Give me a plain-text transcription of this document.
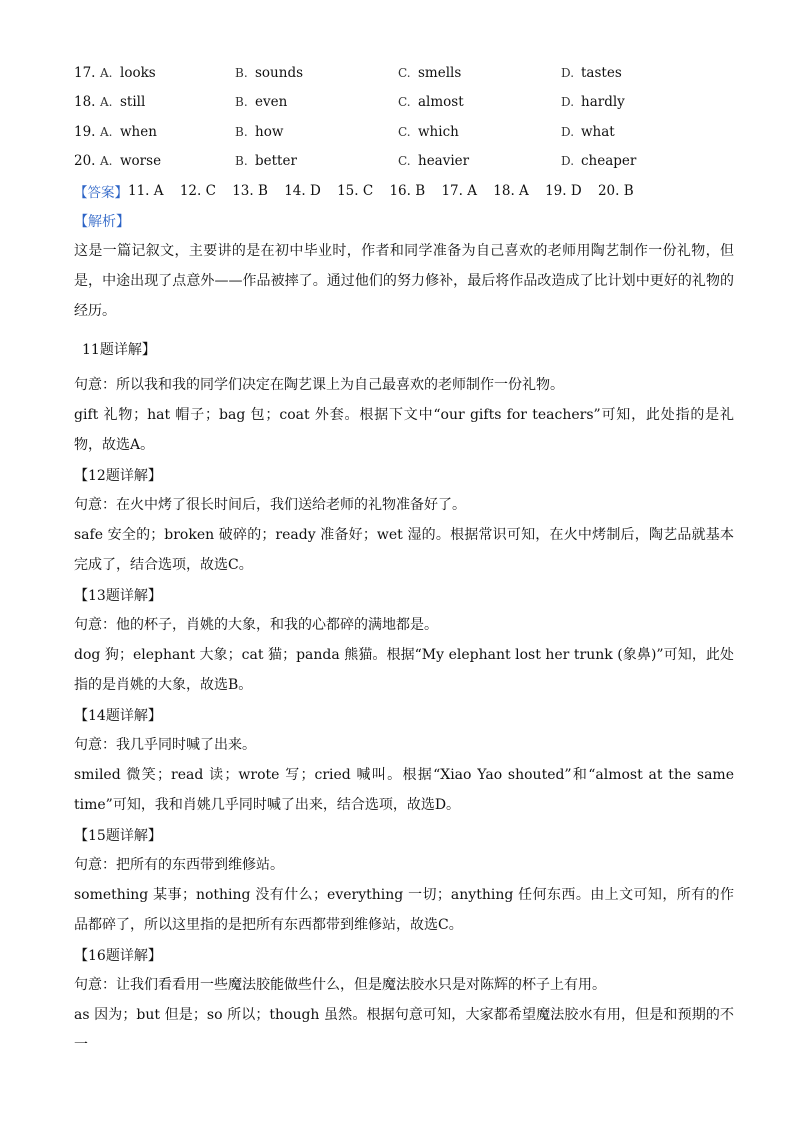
17. A. looks	B. sounds	C. smells	D. tastes
18. A. still	B. even	C. almost	D. hardly
19. A. when	B. how	C. which	D. what
20. A. worse	B. better	C. heavier	D. cheaper
【答案】 11. A 12. C 13. B 14. D 15. C 16. B 17. A 18. A 19. D 20. B
【解析】
这是一篇记叙文，主要讲的是在初中毕业时，作者和同学准备为自己喜欢的老师用陶艺制作一份礼物，但是，中途出现了点意外——作品被摔了。通过他们的努力修补，最后将作品改造成了比计划中更好的礼物的经历。
11题详解】
句意：所以我和我的同学们决定在陶艺课上为自己最喜欢的老师制作一份礼物。
gift 礼物；hat 帽子；bag 包；coat 外套。根据下文中“our gifts for teachers”可知，此处指的是礼物，故选A。
【12题详解】
句意：在火中烤了很长时间后，我们送给老师的礼物准备好了。
safe 安全的；broken 破碎的；ready 准备好；wet 湿的。根据常识可知，在火中烤制后，陶艺品就基本完成了，结合选项，故选C。
【13题详解】
句意：他的杯子，肖姚的大象，和我的心都碎的满地都是。
dog 狗；elephant 大象；cat 猫；panda 熊猫。根据“My elephant lost her trunk (象鼻)”可知，此处指的是肖姚的大象，故选B。
【14题详解】
句意：我几乎同时喊了出来。
smiled 微笑；read 读；wrote 写；cried 喊叫。根据“Xiao Yao shouted”和“almost at the same time”可知，我和肖姚几乎同时喊了出来，结合选项，故选D。
【15题详解】
句意：把所有的东西带到维修站。
something 某事；nothing 没有什么；everything 一切；anything 任何东西。由上文可知，所有的作品都碎了，所以这里指的是把所有东西都带到维修站，故选C。
【16题详解】
句意：让我们看看用一些魔法胶能做些什么，但是魔法胶水只是对陈辉的杯子上有用。
as 因为；but 但是；so 所以；though 虽然。根据句意可知，大家都希望魔法胶水有用，但是和预期的不一
